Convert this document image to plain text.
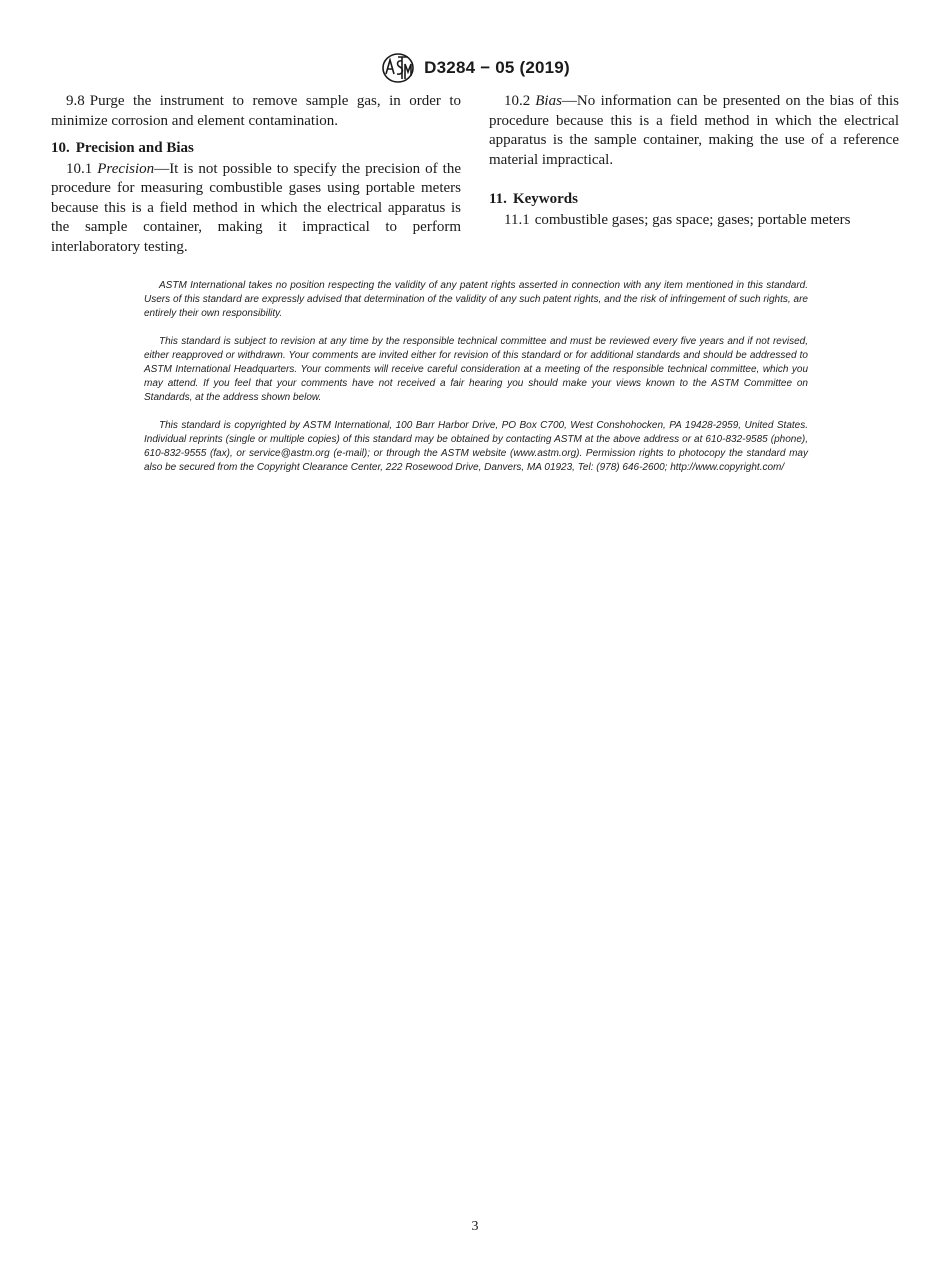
D3284 − 05 (2019)

9.8 Purge the instrument to remove sample gas, in order to minimize corrosion and element contamination.

10. Precision and Bias

10.1 Precision—It is not possible to specify the precision of the procedure for measuring combustible gases using portable meters because this is a field method in which the electrical apparatus is the sample container, making it impractical to perform interlaboratory testing.

10.2 Bias—No information can be presented on the bias of this procedure because this is a field method in which the electrical apparatus is the sample container, making the use of a reference material impractical.

11. Keywords

11.1 combustible gases; gas space; gases; portable meters

ASTM International takes no position respecting the validity of any patent rights asserted in connection with any item mentioned in this standard. Users of this standard are expressly advised that determination of the validity of any such patent rights, and the risk of infringement of such rights, are entirely their own responsibility.

This standard is subject to revision at any time by the responsible technical committee and must be reviewed every five years and if not revised, either reapproved or withdrawn. Your comments are invited either for revision of this standard or for additional standards and should be addressed to ASTM International Headquarters. Your comments will receive careful consideration at a meeting of the responsible technical committee, which you may attend. If you feel that your comments have not received a fair hearing you should make your views known to the ASTM Committee on Standards, at the address shown below.

This standard is copyrighted by ASTM International, 100 Barr Harbor Drive, PO Box C700, West Conshohocken, PA 19428-2959, United States. Individual reprints (single or multiple copies) of this standard may be obtained by contacting ASTM at the above address or at 610-832-9585 (phone), 610-832-9555 (fax), or service@astm.org (e-mail); or through the ASTM website (www.astm.org). Permission rights to photocopy the standard may also be secured from the Copyright Clearance Center, 222 Rosewood Drive, Danvers, MA 01923, Tel: (978) 646-2600; http://www.copyright.com/

3
